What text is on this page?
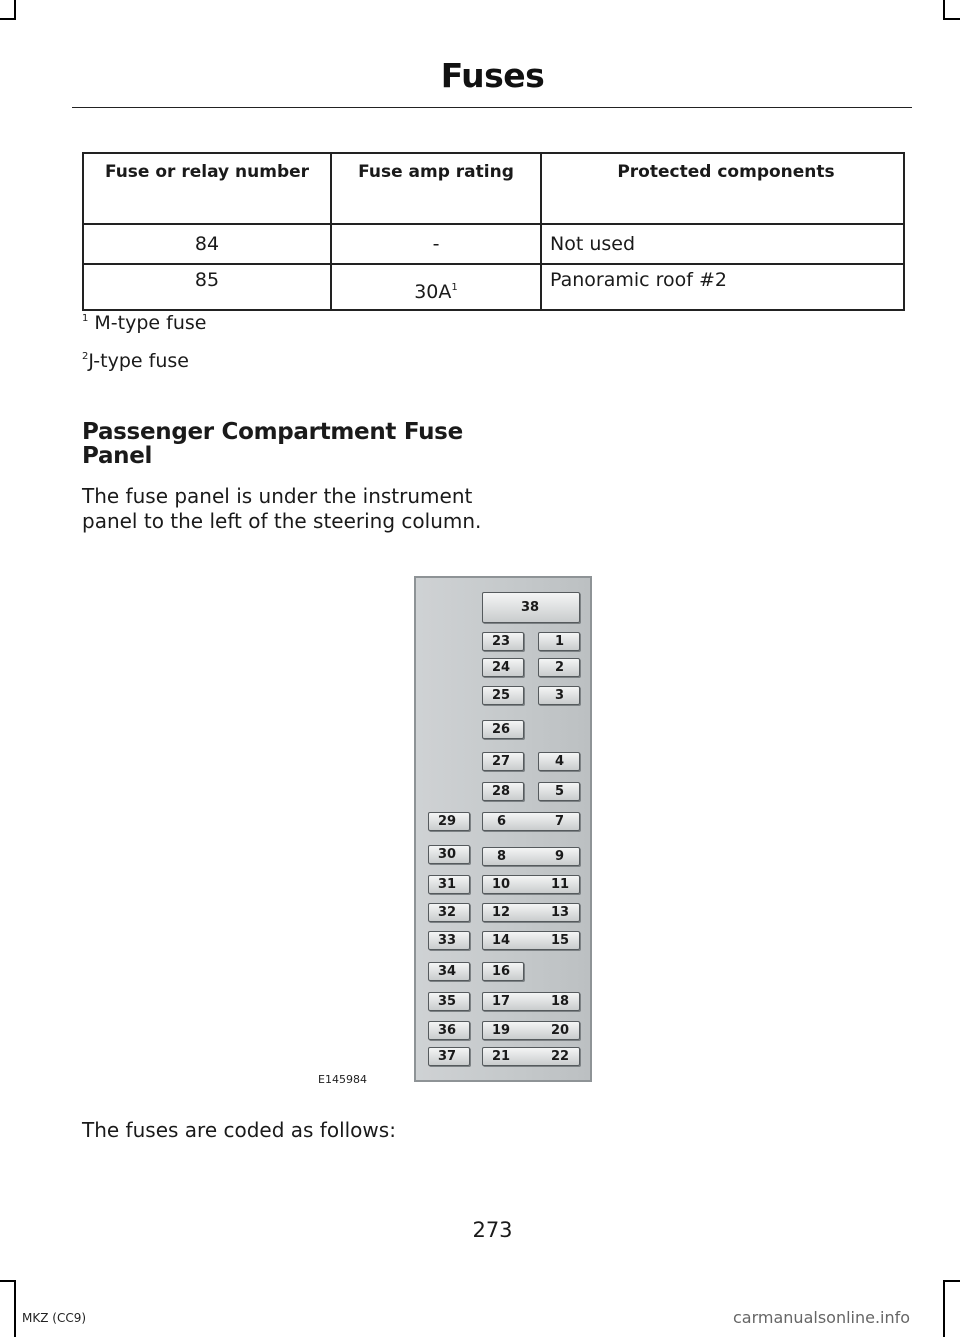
Fuses
Fuse or relay number	Fuse amp rating	Protected components
84	-	Not used
85	$30A^1$	Panoramic roof #2
$^1$ M-type fuse
$^2$J-type fuse
Passenger Compartment Fuse Panel
The fuse panel is under the instrument panel to the left of the steering column.
38
23	1
24	2
25	3
26
27	4
28	5
29	6	7
30	8	9
31	10	11
32	12	13
33	14	15
34	16
35	17	18
36	19	20
37	21	22
E145984
The fuses are coded as follows:
273
MKZ (CC9)	carmanualsonline.info
